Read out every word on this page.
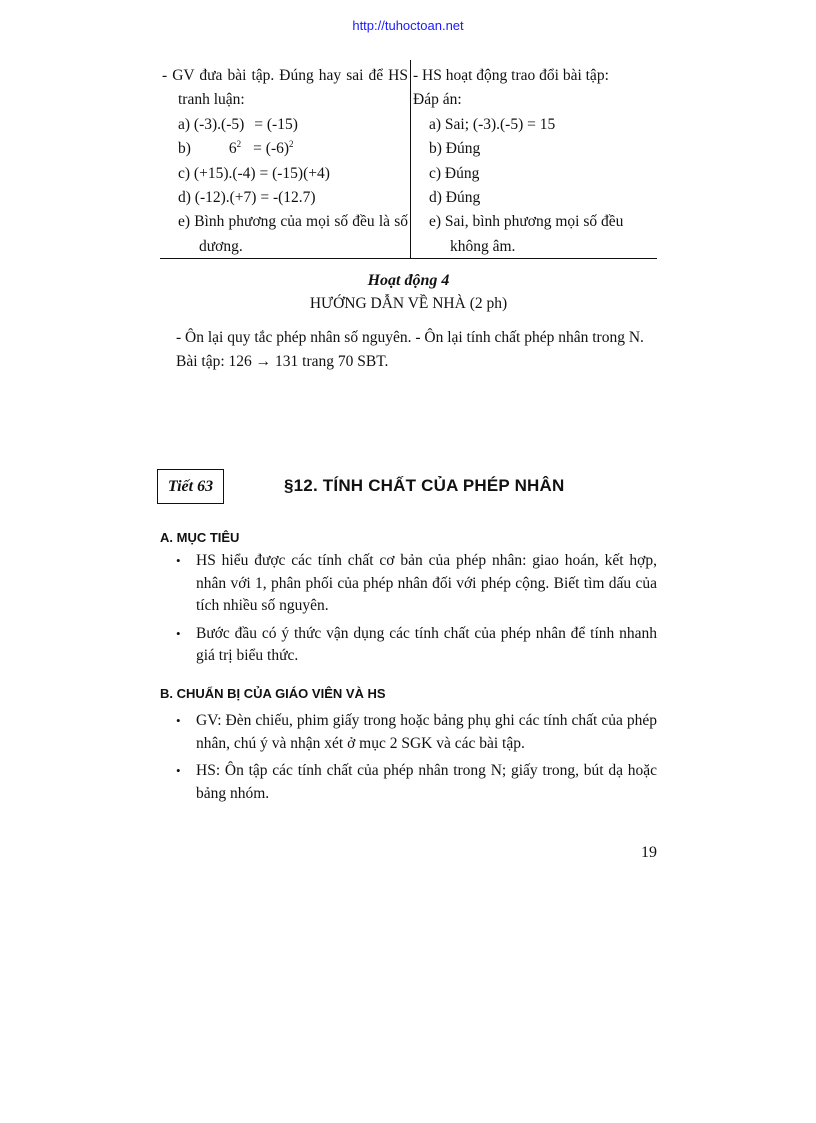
http://tuhoctoan.net
- GV đưa bài tập. Đúng hay sai để HS
tranh luận:
a) (-3).(-5) = (-15)
b) $6^2 = (-6)^2$
c) (+15).(-4) = (-15)(+4)
d) (-12).(+7) = -(12.7)
e) Bình phương của mọi số đều là số
dương.
- HS hoạt động trao đổi bài tập:
Đáp án:
a) Sai; (-3).(-5) = 15
b) Đúng
c) Đúng
d) Đúng
e) Sai, bình phương mọi số đều
không âm.
Hoạt động 4
HƯỚNG DẪN VỀ NHÀ (2 ph)
- Ôn lại quy tắc phép nhân số nguyên. - Ôn lại tính chất phép nhân trong N.
Bài tập: 126 → 131 trang 70 SBT.
Tiết 63	§12. TÍNH CHẤT CỦA PHÉP NHÂN
A. MỤC TIÊU
• HS hiểu được các tính chất cơ bản của phép nhân: giao hoán, kết hợp, nhân với 1, phân phối của phép nhân đối với phép cộng. Biết tìm dấu của tích nhiều số nguyên.
• Bước đầu có ý thức vận dụng các tính chất của phép nhân để tính nhanh giá trị biểu thức.
B. CHUẨN BỊ CỦA GIÁO VIÊN VÀ HS
• GV: Đèn chiếu, phim giấy trong hoặc bảng phụ ghi các tính chất của phép nhân, chú ý và nhận xét ở mục 2 SGK và các bài tập.
• HS: Ôn tập các tính chất của phép nhân trong N; giấy trong, bút dạ hoặc bảng nhóm.
19
